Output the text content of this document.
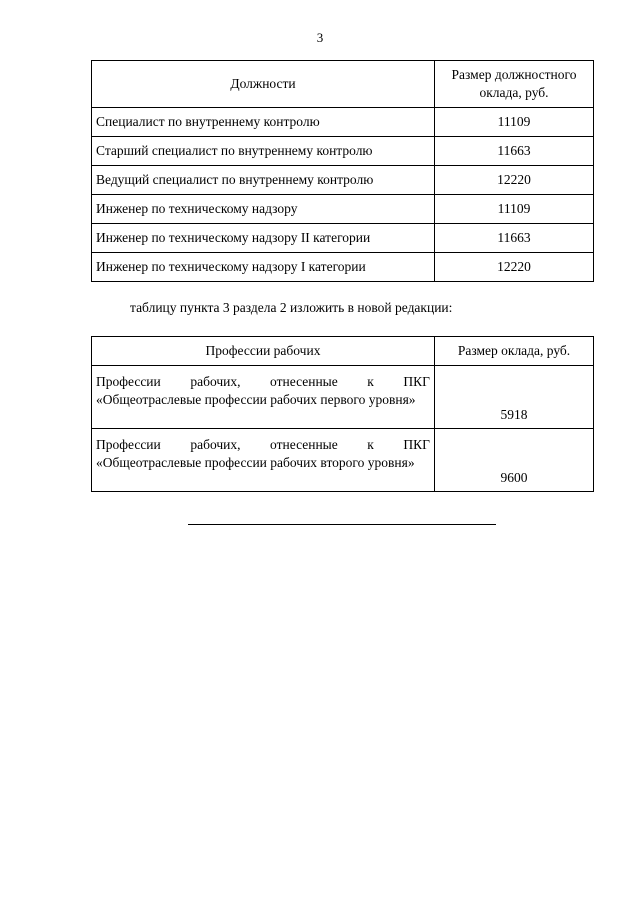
3
Должности	Размер должностного оклада, руб.
Специалист по внутреннему контролю	11109
Старший специалист по внутреннему контролю	11663
Ведущий специалист по внутреннему контролю	12220
Инженер по техническому надзору	11109
Инженер по техническому надзору II категории	11663
Инженер по техническому надзору I категории	12220
таблицу пункта 3 раздела 2 изложить в новой редакции:
Профессии рабочих	Размер оклада, руб.
Профессии рабочих, отнесенные к ПКГ «Общеотраслевые профессии рабочих первого уровня»	5918
Профессии рабочих, отнесенные к ПКГ «Общеотраслевые профессии рабочих второго уровня»	9600
